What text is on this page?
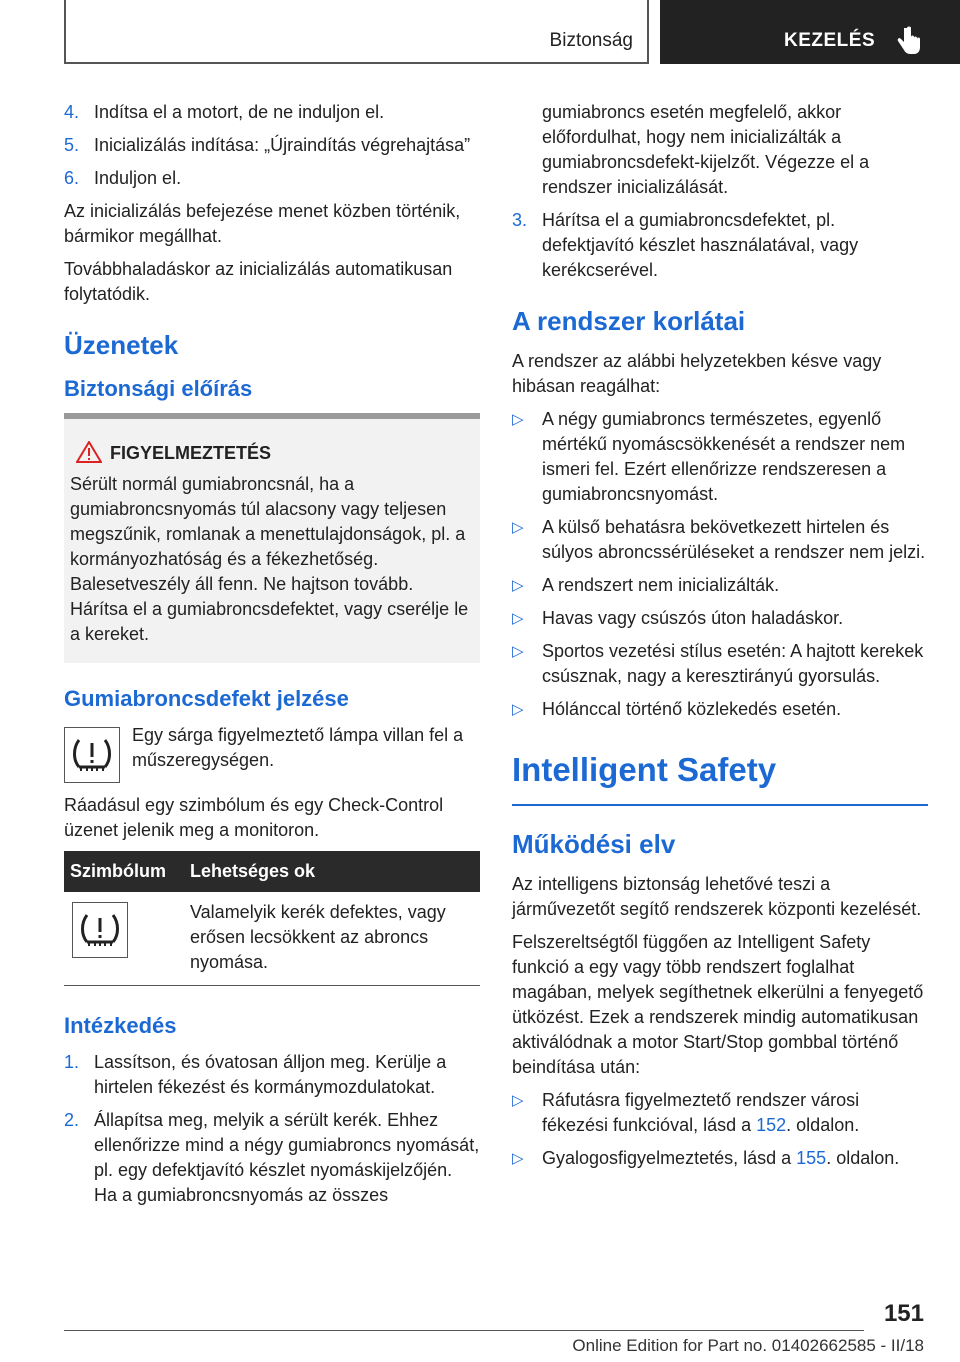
Biztonság	KEZELÉS
4. Indítsa el a motort, de ne induljon el.
5. Inicializálás indítása: „Újraindítás végrehajtása”
6. Induljon el.

Az inicializálás befejezése menet közben történik, bármikor megállhat.

Továbbhaladáskor az inicializálás automatikusan folytatódik.

Üzenetek
Biztonsági előírás
FIGYELMEZTETÉS
Sérült normál gumiabroncsnál, ha a gumiabroncsnyomás túl alacsony vagy teljesen megszűnik, romlanak a menettulajdonságok, pl. a kormányozhatóság és a fékezhetőség. Balesetveszély áll fenn. Ne hajtson tovább. Hárítsa el a gumiabroncsdefektet, vagy cserélje le a kereket.
Gumiabroncsdefekt jelzése
Egy sárga figyelmeztető lámpa villan fel a műszeregységen.

Ráadásul egy szimbólum és egy Check-Control üzenet jelenik meg a monitoron.

Szimbólum	Lehetséges ok

	Valamelyik kerék defektes, vagy erősen lecsökkent az abroncs nyomása.
Intézkedés
1. Lassítson, és óvatosan álljon meg. Kerülje a hirtelen fékezést és kormánymozdulatokat.
2. Állapítsa meg, melyik a sérült kerék. Ehhez ellenőrizze mind a négy gumiabroncs nyomását, pl. egy defektjavító készlet nyomáskijelzőjén. Ha a gumiabroncsnyomás az összes

gumiabroncs esetén megfelelő, akkor előfordulhat, hogy nem inicializálták a gumiabroncsdefekt-kijelzőt. Végezze el a rendszer inicializálását.

3. Hárítsa el a gumiabroncsdefektet, pl. defektjavító készlet használatával, vagy kerékcserével.
A rendszer korlátai

A rendszer az alábbi helyzetekben késve vagy hibásan reagálhat:

▷ A négy gumiabroncs természetes, egyenlő mértékű nyomáscsökkenését a rendszer nem ismeri fel. Ezért ellenőrizze rendszeresen a gumiabroncsnyomást.
▷ A külső behatásra bekövetkezett hirtelen és súlyos abroncssérüléseket a rendszer nem jelzi.
▷ A rendszert nem inicializálták.
▷ Havas vagy csúszós úton haladáskor.
▷ Sportos vezetési stílus esetén: A hajtott kerekek csúsznak, nagy a keresztirányú gyorsulás.
▷ Hólánccal történő közlekedés esetén.
Intelligent Safety
Működési elv

Az intelligens biztonság lehetővé teszi a járművezetőt segítő rendszerek központi kezelését.

Felszereltségtől függően az Intelligent Safety funkció a egy vagy több rendszert foglalhat magában, melyek segíthetnek elkerülni a fenyegető ütközést. Ezek a rendszerek mindig automatikusan aktiválódnak a motor Start/Stop gombbal történő beindítása után:

▷ Ráfutásra figyelmeztető rendszer városi fékezési funkcióval, lásd a 152. oldalon.
▷ Gyalogosfigyelmeztetés, lásd a 155. oldalon.
151
Online Edition for Part no. 01402662585 - II/18
